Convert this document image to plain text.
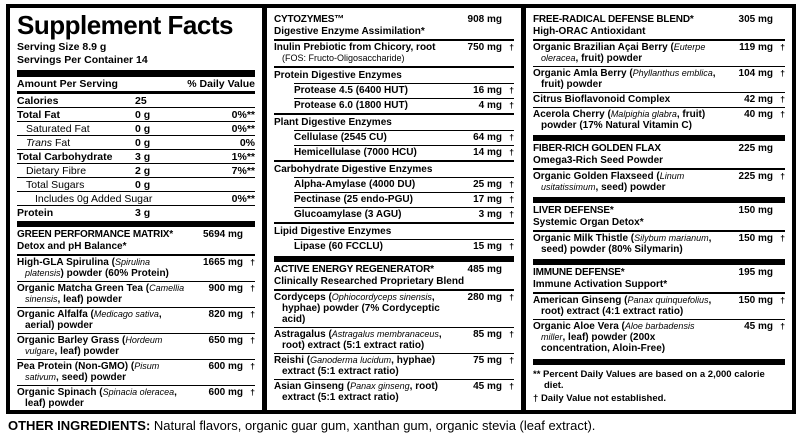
Supplement Facts
Serving Size 8.9 g
Servings Per Container 14
Amount Per Serving	% Daily Value
Calories	25
Total Fat	0 g	0%**
Saturated Fat	0 g	0%**
Trans Fat	0 g	0%
Total Carbohydrate	3 g	1%**
Dietary Fibre	2 g	7%**
Total Sugars	0 g
Includes 0g Added Sugar	0%**
Protein	3 g
GREEN PERFORMANCE MATRIX*	5694 mg
Detox and pH Balance*
High-GLA Spirulina (Spirulina platensis) powder (60% Protein)
1665 mg †
Organic Matcha Green Tea (Camellia sinensis, leaf) powder
900 mg †
Organic Alfalfa (Medicago sativa, aerial) powder
820 mg †
Organic Barley Grass (Hordeum vulgare, leaf) powder
650 mg †
Pea Protein (Non-GMO) (Pisum sativum, seed) powder
600 mg †
Organic Spinach (Spinacia oleracea, leaf) powder
600 mg †
CYTOZYMES™	908 mg
Digestive Enzyme Assimilation*
Inulin Prebiotic from Chicory, root (FOS: Fructo-Oligosaccharide)
750 mg †
Protein Digestive Enzymes
Protease 4.5 (6400 HUT)	16 mg †
Protease 6.0 (1800 HUT)	4 mg †
Plant Digestive Enzymes
Cellulase (2545 CU)	64 mg †
Hemicellulase (7000 HCU)	14 mg †
Carbohydrate Digestive Enzymes
Alpha-Amylase (4000 DU)	25 mg †
Pectinase (25 endo-PGU)	17 mg †
Glucoamylase (3 AGU)	3 mg †
Lipid Digestive Enzymes
Lipase (60 FCCLU)	15 mg †
ACTIVE ENERGY REGENERATOR*	485 mg
Clinically Researched Proprietary Blend
Cordyceps (Ophiocordyceps sinensis, hyphae) powder (7% Cordyceptic acid)
280 mg †
Astragalus (Astragalus membranaceus, root) extract (5:1 extract ratio)
85 mg †
Reishi (Ganoderma lucidum, hyphae) extract (5:1 extract ratio)
75 mg †
Asian Ginseng (Panax ginseng, root) extract (5:1 extract ratio)
45 mg †
FREE-RADICAL DEFENSE BLEND*	305 mg
High-ORAC Antioxidant
Organic Brazilian Açai Berry (Euterpe oleracea, fruit) powder
119 mg †
Organic Amla Berry (Phyllanthus emblica, fruit) powder
104 mg †
Citrus Bioflavonoid Complex	42 mg †
Acerola Cherry (Malpighia glabra, fruit) powder (17% Natural Vitamin C)
40 mg †
FIBER-RICH GOLDEN FLAX	225 mg
Omega3-Rich Seed Powder
Organic Golden Flaxseed (Linum usitatissimum, seed) powder
225 mg †
LIVER DEFENSE*	150 mg
Systemic Organ Detox*
Organic Milk Thistle (Silybum marianum, seed) powder (80% Silymarin)
150 mg †
IMMUNE DEFENSE*	195 mg
Immune Activation Support*
American Ginseng (Panax quinquefolius, root) extract (4:1 extract ratio)
150 mg †
Organic Aloe Vera (Aloe barbadensis miller, leaf) powder (200x concentration, Aloin-Free)
45 mg †

** Percent Daily Values are based on a 2,000 calorie diet.

† Daily Value not established.

OTHER INGREDIENTS: Natural flavors, organic guar gum, xanthan gum, organic stevia (leaf extract).
